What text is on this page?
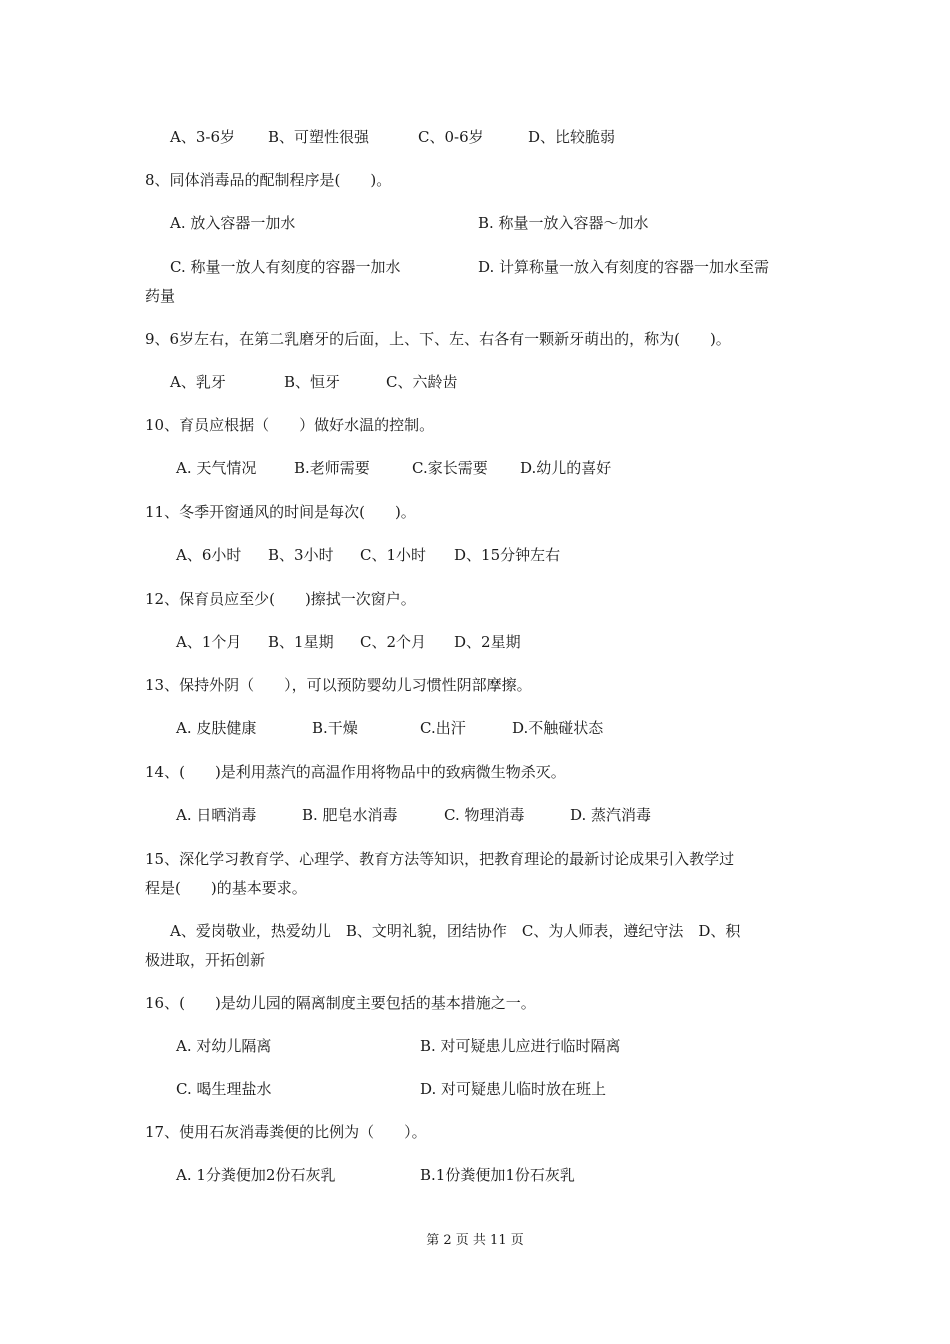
A、3-6岁 B、可塑性很强	C、0-6岁	D、比较脆弱
8、同体消毒品的配制程序是(　　)。
A. 放入容器一加水	B. 称量一放入容器～加水
C. 称量一放人有刻度的容器一加水	D. 计算称量一放入有刻度的容器一加水至需
药量
9、6岁左右，在第二乳磨牙的后面，上、下、左、右各有一颗新牙萌出的，称为(　　)。
A、乳牙	B、恒牙	C、六龄齿
10、育员应根据（　　）做好水温的控制。
A. 天气情况	B.老师需要	C.家长需要 D.幼儿的喜好
11、冬季开窗通风的时间是每次(　　)。
A、6小时 B、3小时 C、1小时 D、15分钟左右
12、保育员应至少(　　)擦拭一次窗户。
A、1个月 B、1星期 C、2个月 D、2星期
13、保持外阴（　　），可以预防婴幼儿习惯性阴部摩擦。
A. 皮肤健康	B.干燥	C.出汗	D.不触碰状态
14、(　　)是利用蒸汽的高温作用将物品中的致病微生物杀灭。
A. 日晒消毒	B. 肥皂水消毒	C. 物理消毒	D. 蒸汽消毒
15、深化学习教育学、心理学、教育方法等知识，把教育理论的最新讨论成果引入教学过
程是(　　)的基本要求。
A、爱岗敬业，热爱幼儿　B、文明礼貌，团结协作　C、为人师表，遵纪守法　D、积
极进取，开拓创新
16、(　　)是幼儿园的隔离制度主要包括的基本措施之一。
A. 对幼儿隔离	B. 对可疑患儿应进行临时隔离
C. 喝生理盐水	D. 对可疑患儿临时放在班上
17、使用石灰消毒粪便的比例为（　　）。
A. 1分粪便加2份石灰乳	B.1份粪便加1份石灰乳
第 2 页 共 11 页
